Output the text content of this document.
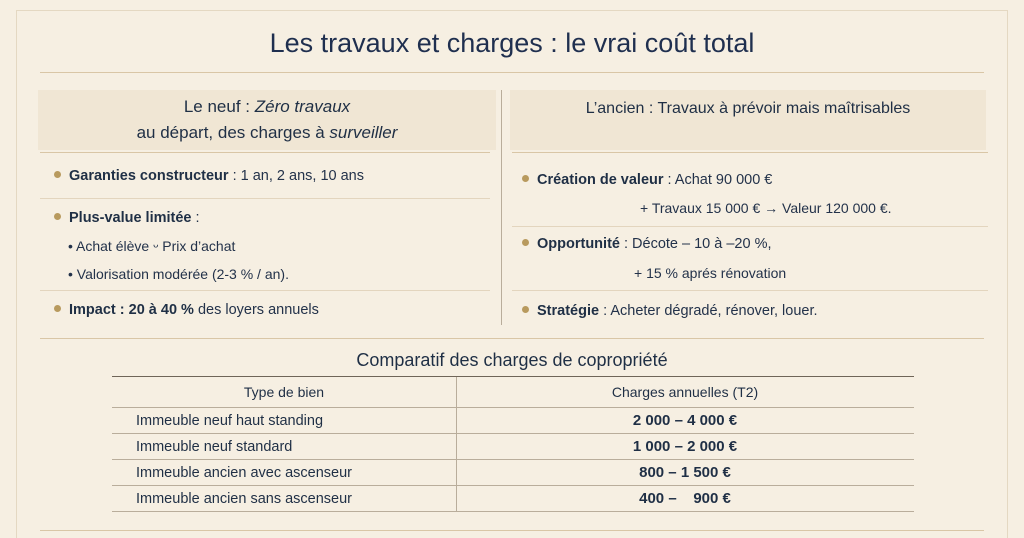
Les travaux et charges : le vrai coût total
Le neuf : Zéro travaux
au départ, des charges à surveiller
L’ancien : Travaux à prévoir mais maîtrisables
Garanties constructeur : 1 an, 2 ans, 10 ans
Plus-value limitée :
• Achat élève ᵕ Prix d’achat
• Valorisation modérée (2-3 % / an).
Impact : 20 à 40 % des loyers annuels
Création de valeur : Achat 90 000 €
+ Travaux 15 000 € → Valeur 120 000 €.
Opportunité : Décote – 10 à –20 %,
+ 15 % aprés rénovation
Stratégie : Acheter dégradé, rénover, louer.
Comparatif des charges de copropriété
Type de bien	Charges annuelles (T2)
Immeuble neuf haut standing	2 000 – 4 000 €
Immeuble neuf standard	1 000 – 2 000 €
Immeuble ancien avec ascenseur	800 – 1 500 €
Immeuble ancien sans ascenseur	400 –    900 €
